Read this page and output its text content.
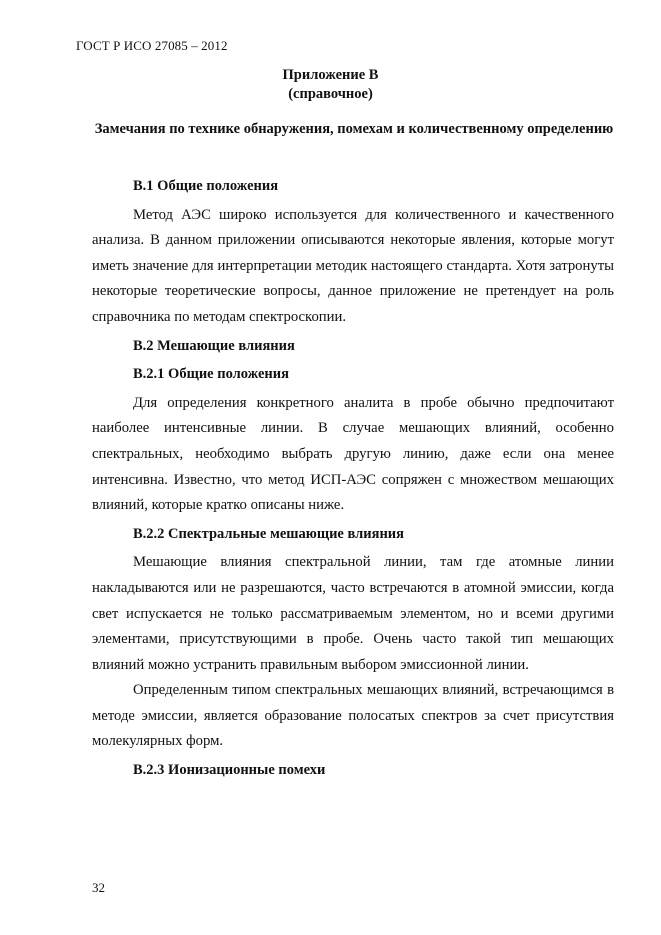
ГОСТ Р ИСО 27085 – 2012
Приложение В
(справочное)
Замечания по технике обнаружения, помехам и количественному определению

В.1 Общие положения

Метод АЭС широко используется для количественного и качественного анализа. В данном приложении описываются некоторые явления, которые могут иметь значение для интерпретации методик настоящего стандарта. Хотя затронуты некоторые теоретические вопросы, данное приложение не претендует на роль справочника по методам спектроскопии.

В.2 Мешающие влияния

В.2.1 Общие положения

Для определения конкретного аналита в пробе обычно предпочитают наиболее интенсивные линии. В случае мешающих влияний, особенно спектральных, необходимо выбрать другую линию, даже если она менее интенсивна. Известно, что метод ИСП-АЭС сопряжен с множеством мешающих влияний, которые кратко описаны ниже.

В.2.2 Спектральные мешающие влияния

Мешающие влияния спектральной линии, там где атомные линии накладываются или не разрешаются, часто встречаются в атомной эмиссии, когда свет испускается не только рассматриваемым элементом, но и всеми другими элементами, присутствующими в пробе. Очень часто такой тип мешающих влияний можно устранить правильным выбором эмиссионной линии.

Определенным типом спектральных мешающих влияний, встречающимся в методе эмиссии, является образование полосатых спектров за счет присутствия молекулярных форм.

В.2.3 Ионизационные помехи

32
